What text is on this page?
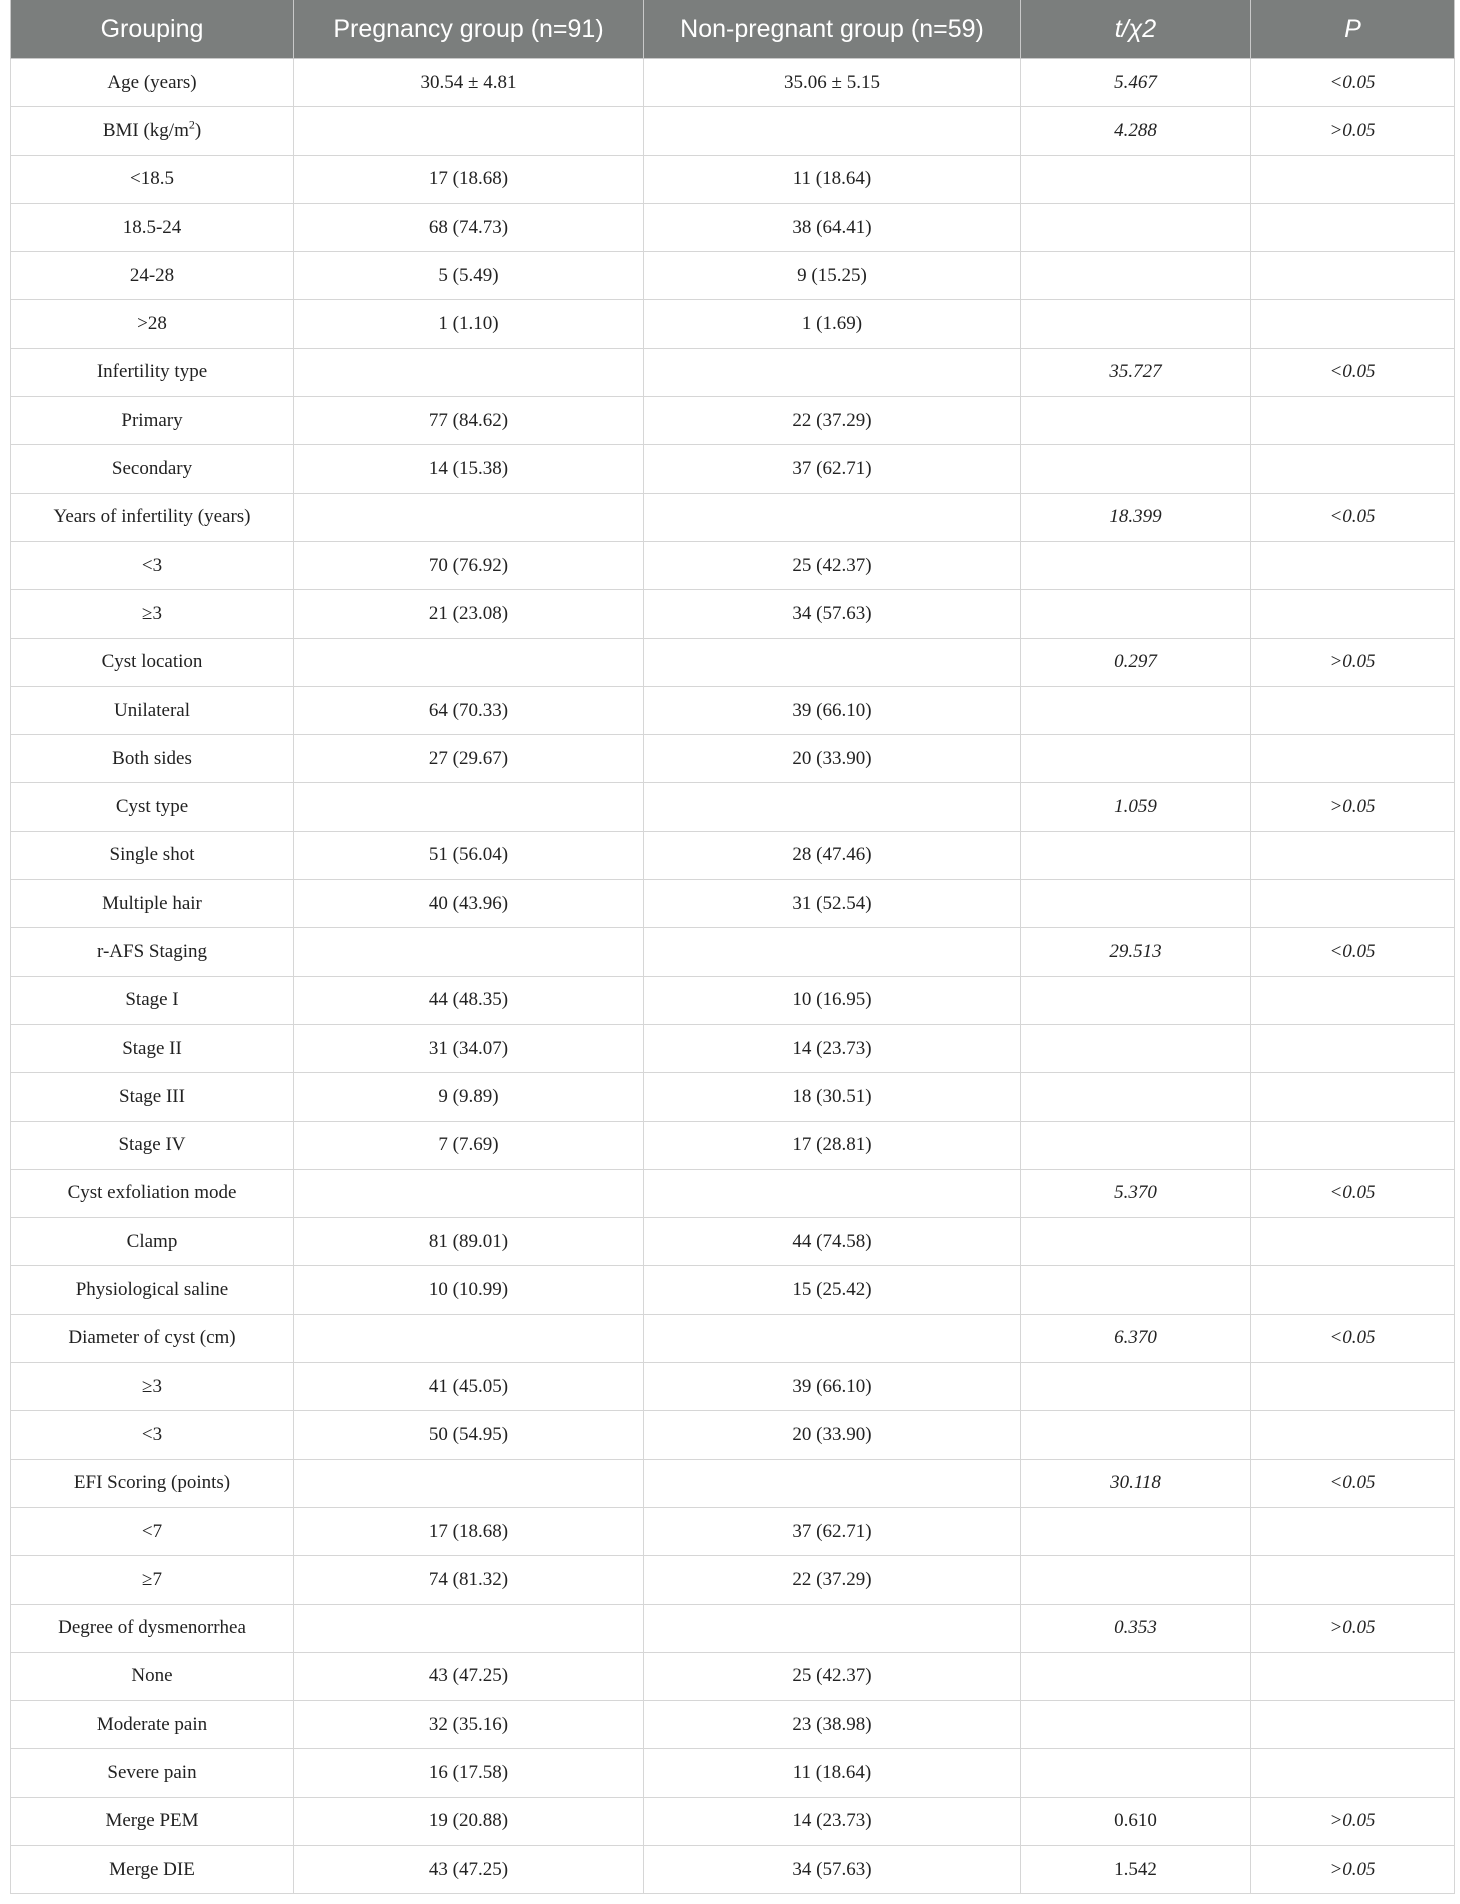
Grouping	Pregnancy group (n=91)	Non-pregnant group (n=59)	t/χ2	P
Age (years)	30.54 ± 4.81	35.06 ± 5.15	5.467	<0.05
BMI $(kg/m^2)$			4.288	>0.05
<18.5	17 (18.68)	11 (18.64)		
18.5-24	68 (74.73)	38 (64.41)		
24-28	5 (5.49)	9 (15.25)		
>28	1 (1.10)	1 (1.69)		
Infertility type			35.727	<0.05
Primary	77 (84.62)	22 (37.29)		
Secondary	14 (15.38)	37 (62.71)		
Years of infertility (years)			18.399	<0.05
<3	70 (76.92)	25 (42.37)		
≥3	21 (23.08)	34 (57.63)		
Cyst location			0.297	>0.05
Unilateral	64 (70.33)	39 (66.10)		
Both sides	27 (29.67)	20 (33.90)		
Cyst type			1.059	>0.05
Single shot	51 (56.04)	28 (47.46)		
Multiple hair	40 (43.96)	31 (52.54)		
r-AFS Staging			29.513	<0.05
Stage I	44 (48.35)	10 (16.95)		
Stage II	31 (34.07)	14 (23.73)		
Stage III	9 (9.89)	18 (30.51)		
Stage IV	7 (7.69)	17 (28.81)		
Cyst exfoliation mode			5.370	<0.05
Clamp	81 (89.01)	44 (74.58)		
Physiological saline	10 (10.99)	15 (25.42)		
Diameter of cyst (cm)			6.370	<0.05
≥3	41 (45.05)	39 (66.10)		
<3	50 (54.95)	20 (33.90)		
EFI Scoring (points)			30.118	<0.05
<7	17 (18.68)	37 (62.71)		
≥7	74 (81.32)	22 (37.29)		
Degree of dysmenorrhea			0.353	>0.05
None	43 (47.25)	25 (42.37)		
Moderate pain	32 (35.16)	23 (38.98)		
Severe pain	16 (17.58)	11 (18.64)		
Merge PEM	19 (20.88)	14 (23.73)	0.610	>0.05
Merge DIE	43 (47.25)	34 (57.63)	1.542	>0.05
